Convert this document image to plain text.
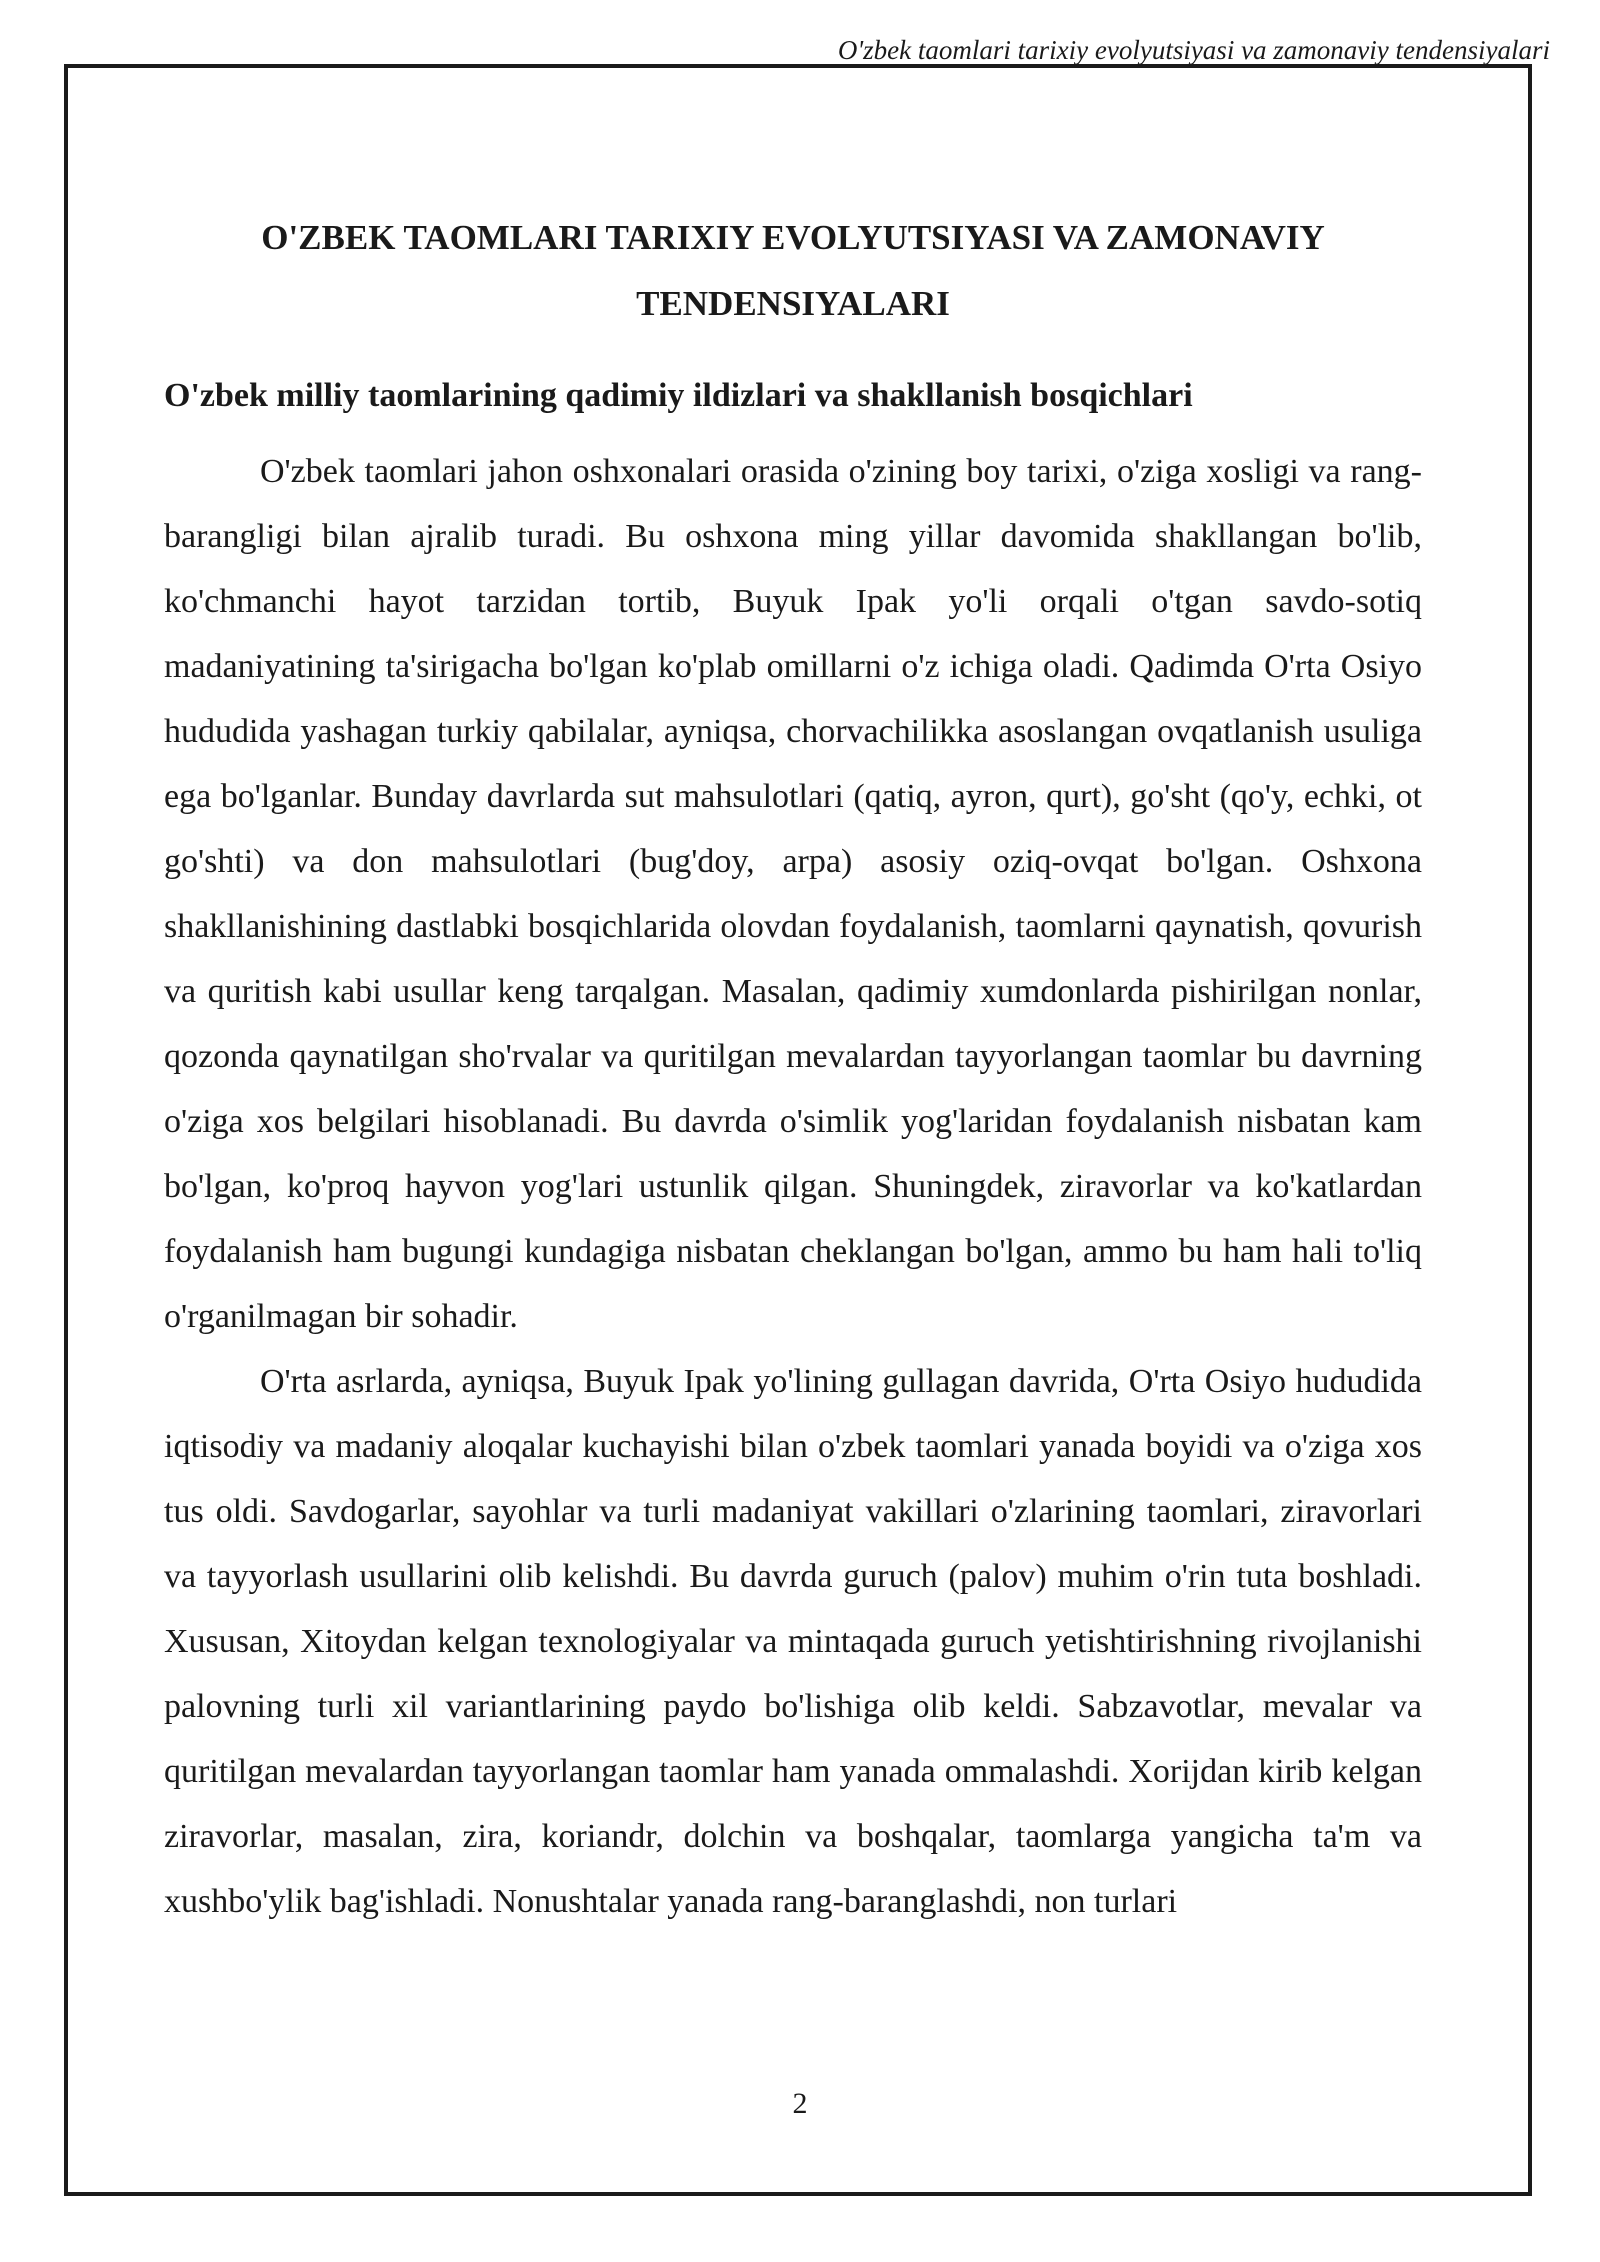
O'zbek taomlari tarixiy evolyutsiyasi va zamonaviy tendensiyalari
O'ZBEK TAOMLARI TARIXIY EVOLYUTSIYASI VA ZAMONAVIY TENDENSIYALARI
O'zbek milliy taomlarining qadimiy ildizlari va shakllanish bosqichlari

O'zbek taomlari jahon oshxonalari orasida o'zining boy tarixi, o'ziga xosligi va rang-barangligi bilan ajralib turadi. Bu oshxona ming yillar davomida shakllangan bo'lib, ko'chmanchi hayot tarzidan tortib, Buyuk Ipak yo'li orqali o'tgan savdo-sotiq madaniyatining ta'sirigacha bo'lgan ko'plab omillarni o'z ichiga oladi. Qadimda O'rta Osiyo hududida yashagan turkiy qabilalar, ayniqsa, chorvachilikka asoslangan ovqatlanish usuliga ega bo'lganlar. Bunday davrlarda sut mahsulotlari (qatiq, ayron, qurt), go'sht (qo'y, echki, ot go'shti) va don mahsulotlari (bug'doy, arpa) asosiy oziq-ovqat bo'lgan. Oshxona shakllanishining dastlabki bosqichlarida olovdan foydalanish, taomlarni qaynatish, qovurish va quritish kabi usullar keng tarqalgan. Masalan, qadimiy xumdonlarda pishirilgan nonlar, qozonda qaynatilgan sho'rvalar va quritilgan mevalardan tayyorlangan taomlar bu davrning o'ziga xos belgilari hisoblanadi. Bu davrda o'simlik yog'laridan foydalanish nisbatan kam bo'lgan, ko'proq hayvon yog'lari ustunlik qilgan. Shuningdek, ziravorlar va ko'katlardan foydalanish ham bugungi kundagiga nisbatan cheklangan bo'lgan, ammo bu ham hali to'liq o'rganilmagan bir sohadir.

O'rta asrlarda, ayniqsa, Buyuk Ipak yo'lining gullagan davrida, O'rta Osiyo hududida iqtisodiy va madaniy aloqalar kuchayishi bilan o'zbek taomlari yanada boyidi va o'ziga xos tus oldi. Savdogarlar, sayohlar va turli madaniyat vakillari o'zlarining taomlari, ziravorlari va tayyorlash usullarini olib kelishdi. Bu davrda guruch (palov) muhim o'rin tuta boshladi. Xususan, Xitoydan kelgan texnologiyalar va mintaqada guruch yetishtirishning rivojlanishi palovning turli xil variantlarining paydo bo'lishiga olib keldi. Sabzavotlar, mevalar va quritilgan mevalardan tayyorlangan taomlar ham yanada ommalashdi. Xorijdan kirib kelgan ziravorlar, masalan, zira, koriandr, dolchin va boshqalar, taomlarga yangicha ta'm va xushbo'ylik bag'ishladi. Nonushtalar yanada rang-baranglashdi, non turlari

2
